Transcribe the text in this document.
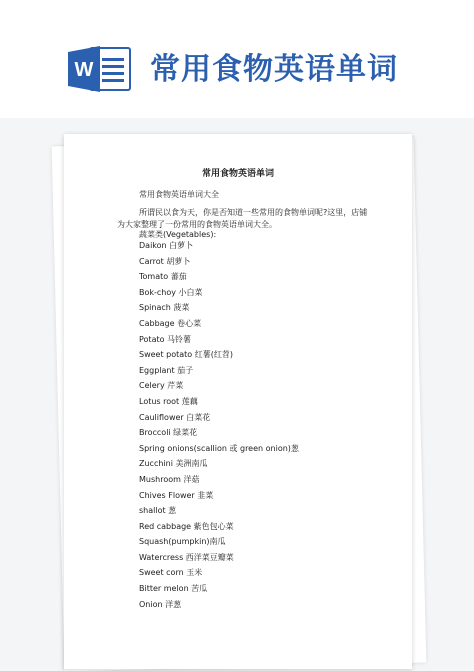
W 常用食物英语单词
常用食物英语单词
常用食物英语单词大全
所谓民以食为天，你是否知道一些常用的食物单词呢?这里，店铺
为大家整理了一份常用的食物英语单词大全。
蔬菜类(Vegetables):
Daikon 白萝卜
Carrot 胡萝卜
Tomato 蕃茄
Bok-choy 小白菜
Spinach 菠菜
Cabbage 卷心菜
Potato 马铃薯
Sweet potato 红薯(红苕)
Eggplant 茄子
Celery 芹菜
Lotus root 莲藕
Cauliflower 白菜花
Broccoli 绿菜花
Spring onions(scallion 或 green onion)葱
Zucchini 美洲南瓜
Mushroom 洋菇
Chives Flower 韭菜
shallot 葱
Red cabbage 紫色包心菜
Squash(pumpkin)南瓜
Watercress 西洋菜豆瓣菜
Sweet corn 玉米
Bitter melon 苦瓜
Onion 洋葱
